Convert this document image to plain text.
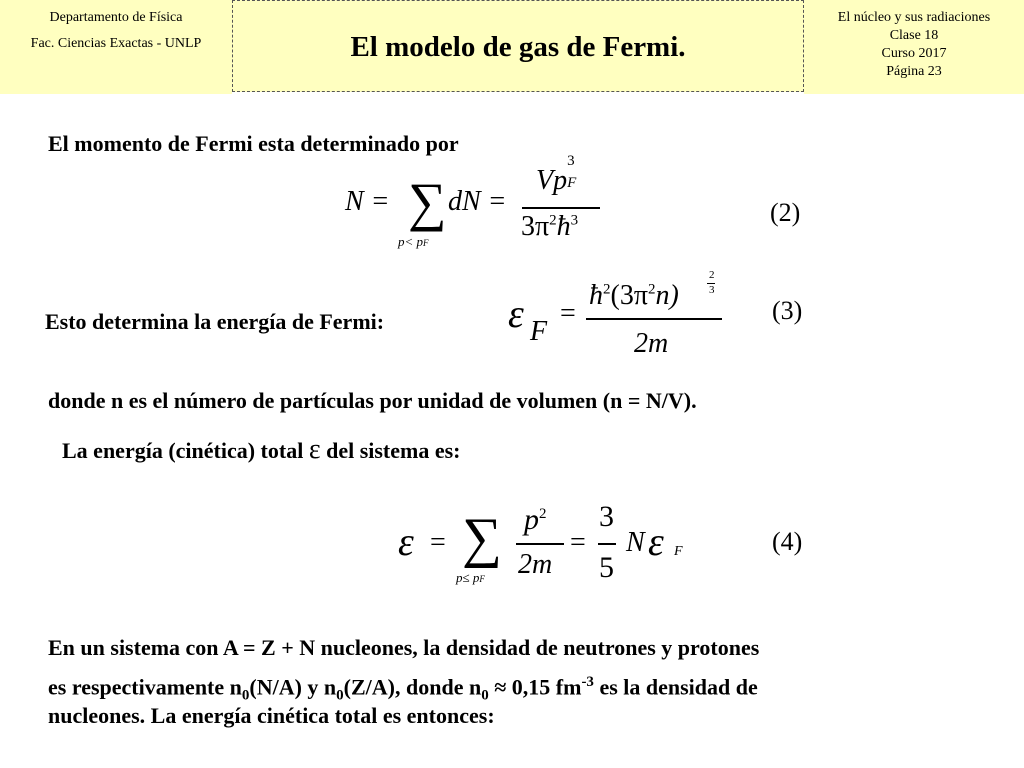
Departamento de Física
Fac. Ciencias Exactas - UNLP	El modelo de gas de Fermi.
El núcleo y sus radiaciones
Clase 18
Curso 2017
Página 23
El momento de Fermi esta determinado por
N = ∑
p< pF
dN =
Vp
3
F
$3\pi^2ħ^3$	(2)
Esto determina la energía de Fermi:	ε F
=
$ħ^2(3\pi^2n)$
2
3
2m
(3)
donde n es el número de partículas por unidad de volumen (n = N/V).
La energía (cinética) total ε del sistema es:
ε = ∑
p≤ pF
$p^2$
2m
=
3
5
N ε F	(4)
En un sistema con A = Z + N nucleones, la densidad de neutrones y protones
es respectivamente $n_0(N/A)$ y $n_0(Z/A)$, donde $n_0 \approx 0,15$ $fm^{-3}$ es la densidad de
nucleones. La energía cinética total es entonces:
